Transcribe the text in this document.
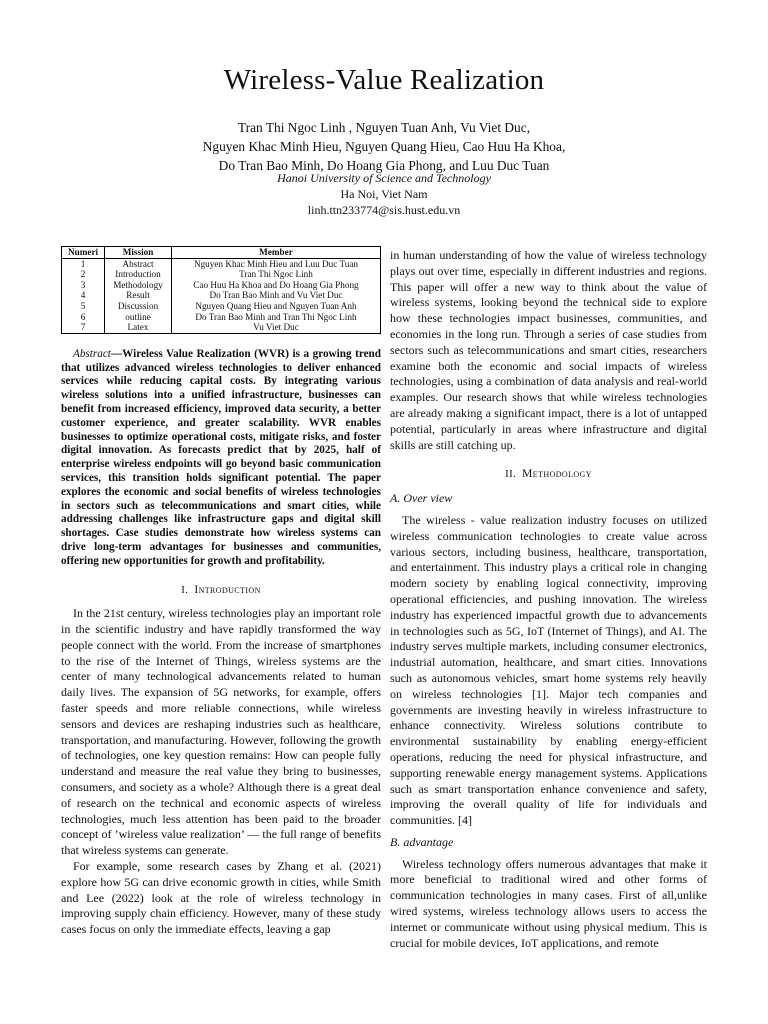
Wireless-Value Realization
Tran Thi Ngoc Linh , Nguyen Tuan Anh, Vu Viet Duc,
Nguyen Khac Minh Hieu, Nguyen Quang Hieu, Cao Huu Ha Khoa,
Do Tran Bao Minh, Do Hoang Gia Phong, and Luu Duc Tuan
Hanoi University of Science and Technology
Ha Noi, Viet Nam
linh.ttn233774@sis.hust.edu.vn
Numeri	Mission	Member
1	Abstract	Nguyen Khac Minh Hieu and Luu Duc Tuan
2	Introduction	Tran Thi Ngoc Linh
3	Methodology	Cao Huu Ha Khoa and Do Hoang Gia Phong
4	Result	Do Tran Bao Minh and Vu Viet Duc
5	Discussion	Nguyen Quang Hieu and Nguyen Tuan Anh
6	outline	Do Tran Bao Minh and Tran Thi Ngoc Linh
7	Latex	Vu Viet Duc
Abstract—Wireless Value Realization (WVR) is a growing trend that utilizes advanced wireless technologies to deliver enhanced services while reducing capital costs. By integrating various wireless solutions into a unified infrastructure, businesses can benefit from increased efficiency, improved data security, a better customer experience, and greater scalability. WVR enables businesses to optimize operational costs, mitigate risks, and foster digital innovation. As forecasts predict that by 2025, half of enterprise wireless endpoints will go beyond basic communication services, this transition holds significant potential. The paper explores the economic and social benefits of wireless technologies in sectors such as telecommunications and smart cities, while addressing challenges like infrastructure gaps and digital skill shortages. Case studies demonstrate how wireless systems can drive long-term advantages for businesses and communities, offering new opportunities for growth and profitability.
I. Introduction

In the 21st century, wireless technologies play an important role in the scientific industry and have rapidly transformed the way people connect with the world. From the increase of smartphones to the rise of the Internet of Things, wireless systems are the center of many technological advancements related to human daily lives. The expansion of 5G networks, for example, offers faster speeds and more reliable connections, while wireless sensors and devices are reshaping industries such as healthcare, transportation, and manufacturing. However, following the growth of technologies, one key question remains: How can people fully understand and measure the real value they bring to businesses, consumers, and society as a whole? Although there is a great deal of research on the technical and economic aspects of wireless technologies, much less attention has been paid to the broader concept of ’wireless value realization’ — the full range of benefits that wireless systems can generate.

For example, some research cases by Zhang et al. (2021) explore how 5G can drive economic growth in cities, while Smith and Lee (2022) look at the role of wireless technology in improving supply chain efficiency. However, many of these study cases focus on only the immediate effects, leaving a gap

in human understanding of how the value of wireless technology plays out over time, especially in different industries and regions. This paper will offer a new way to think about the value of wireless systems, looking beyond the technical side to explore how these technologies impact businesses, communities, and economies in the long run. Through a series of case studies from sectors such as telecommunications and smart cities, researchers examine both the economic and social impacts of wireless technologies, using a combination of data analysis and real-world examples. Our research shows that while wireless technologies are already making a significant impact, there is a lot of untapped potential, particularly in areas where infrastructure and digital skills are still catching up.

II. Methodology
A. Over view

The wireless - value realization industry focuses on utilized wireless communication technologies to create value across various sectors, including business, healthcare, transportation, and entertainment. This industry plays a critical role in changing modern society by enabling logical connectivity, improving operational efficiencies, and pushing innovation. The wireless industry has experienced impactful growth due to advancements in technologies such as 5G, IoT (Internet of Things), and AI. The industry serves multiple markets, including consumer electronics, industrial automation, healthcare, and smart cities. Innovations such as autonomous vehicles, smart home systems rely heavily on wireless technologies [1]. Major tech companies and governments are investing heavily in wireless infrastructure to enhance connectivity. Wireless solutions contribute to environmental sustainability by enabling energy-efficient operations, reducing the need for physical infrastructure, and supporting renewable energy management systems. Applications such as smart transportation enhance convenience and safety, improving the overall quality of life for individuals and communities. [4]

B. advantage

Wireless technology offers numerous advantages that make it more beneficial to traditional wired and other forms of communication technologies in many cases. First of all,unlike wired systems, wireless technology allows users to access the internet or communicate without using physical medium. This is crucial for mobile devices, IoT applications, and remote
